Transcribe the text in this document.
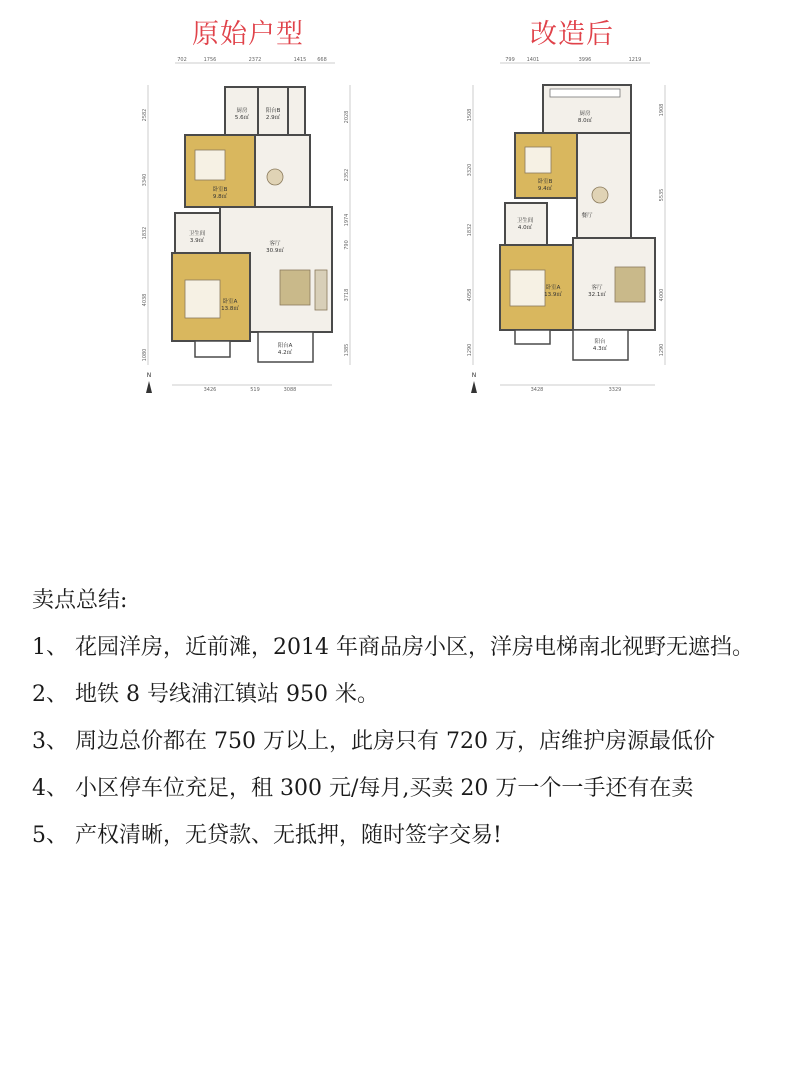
原始户型	改造后
702	1756	2372	1415 668
2582
3340
1832
4038
1080
2028
2352
1974
790
3718
1385
厨房
5.6㎡
阳台B
2.9㎡
卧室B
9.8㎡
客厅
30.9㎡
卫生间
3.9㎡
卧室A
13.8㎡
阳台A
4.2㎡
3426	519	3088
N
799 1401	3996	1219
1508
3320
1832
4058
1290
1908
5535
4000
1290
厨房
8.0㎡
卧室B
9.4㎡
餐厅
卫生间
4.0㎡
卧室A
13.9㎡
客厅
32.1㎡
阳台
4.3㎡
3428	3329
N

卖点总结:

1、 花园洋房，近前滩，2014 年商品房小区，洋房电梯南北视野无遮挡。

2、 地铁 8 号线浦江镇站 950 米。

3、 周边总价都在 750 万以上，此房只有 720 万，店维护房源最低价

4、 小区停车位充足，租 300 元/每月,买卖 20 万一个一手还有在卖

5、 产权清晰，无贷款、无抵押，随时签字交易!
